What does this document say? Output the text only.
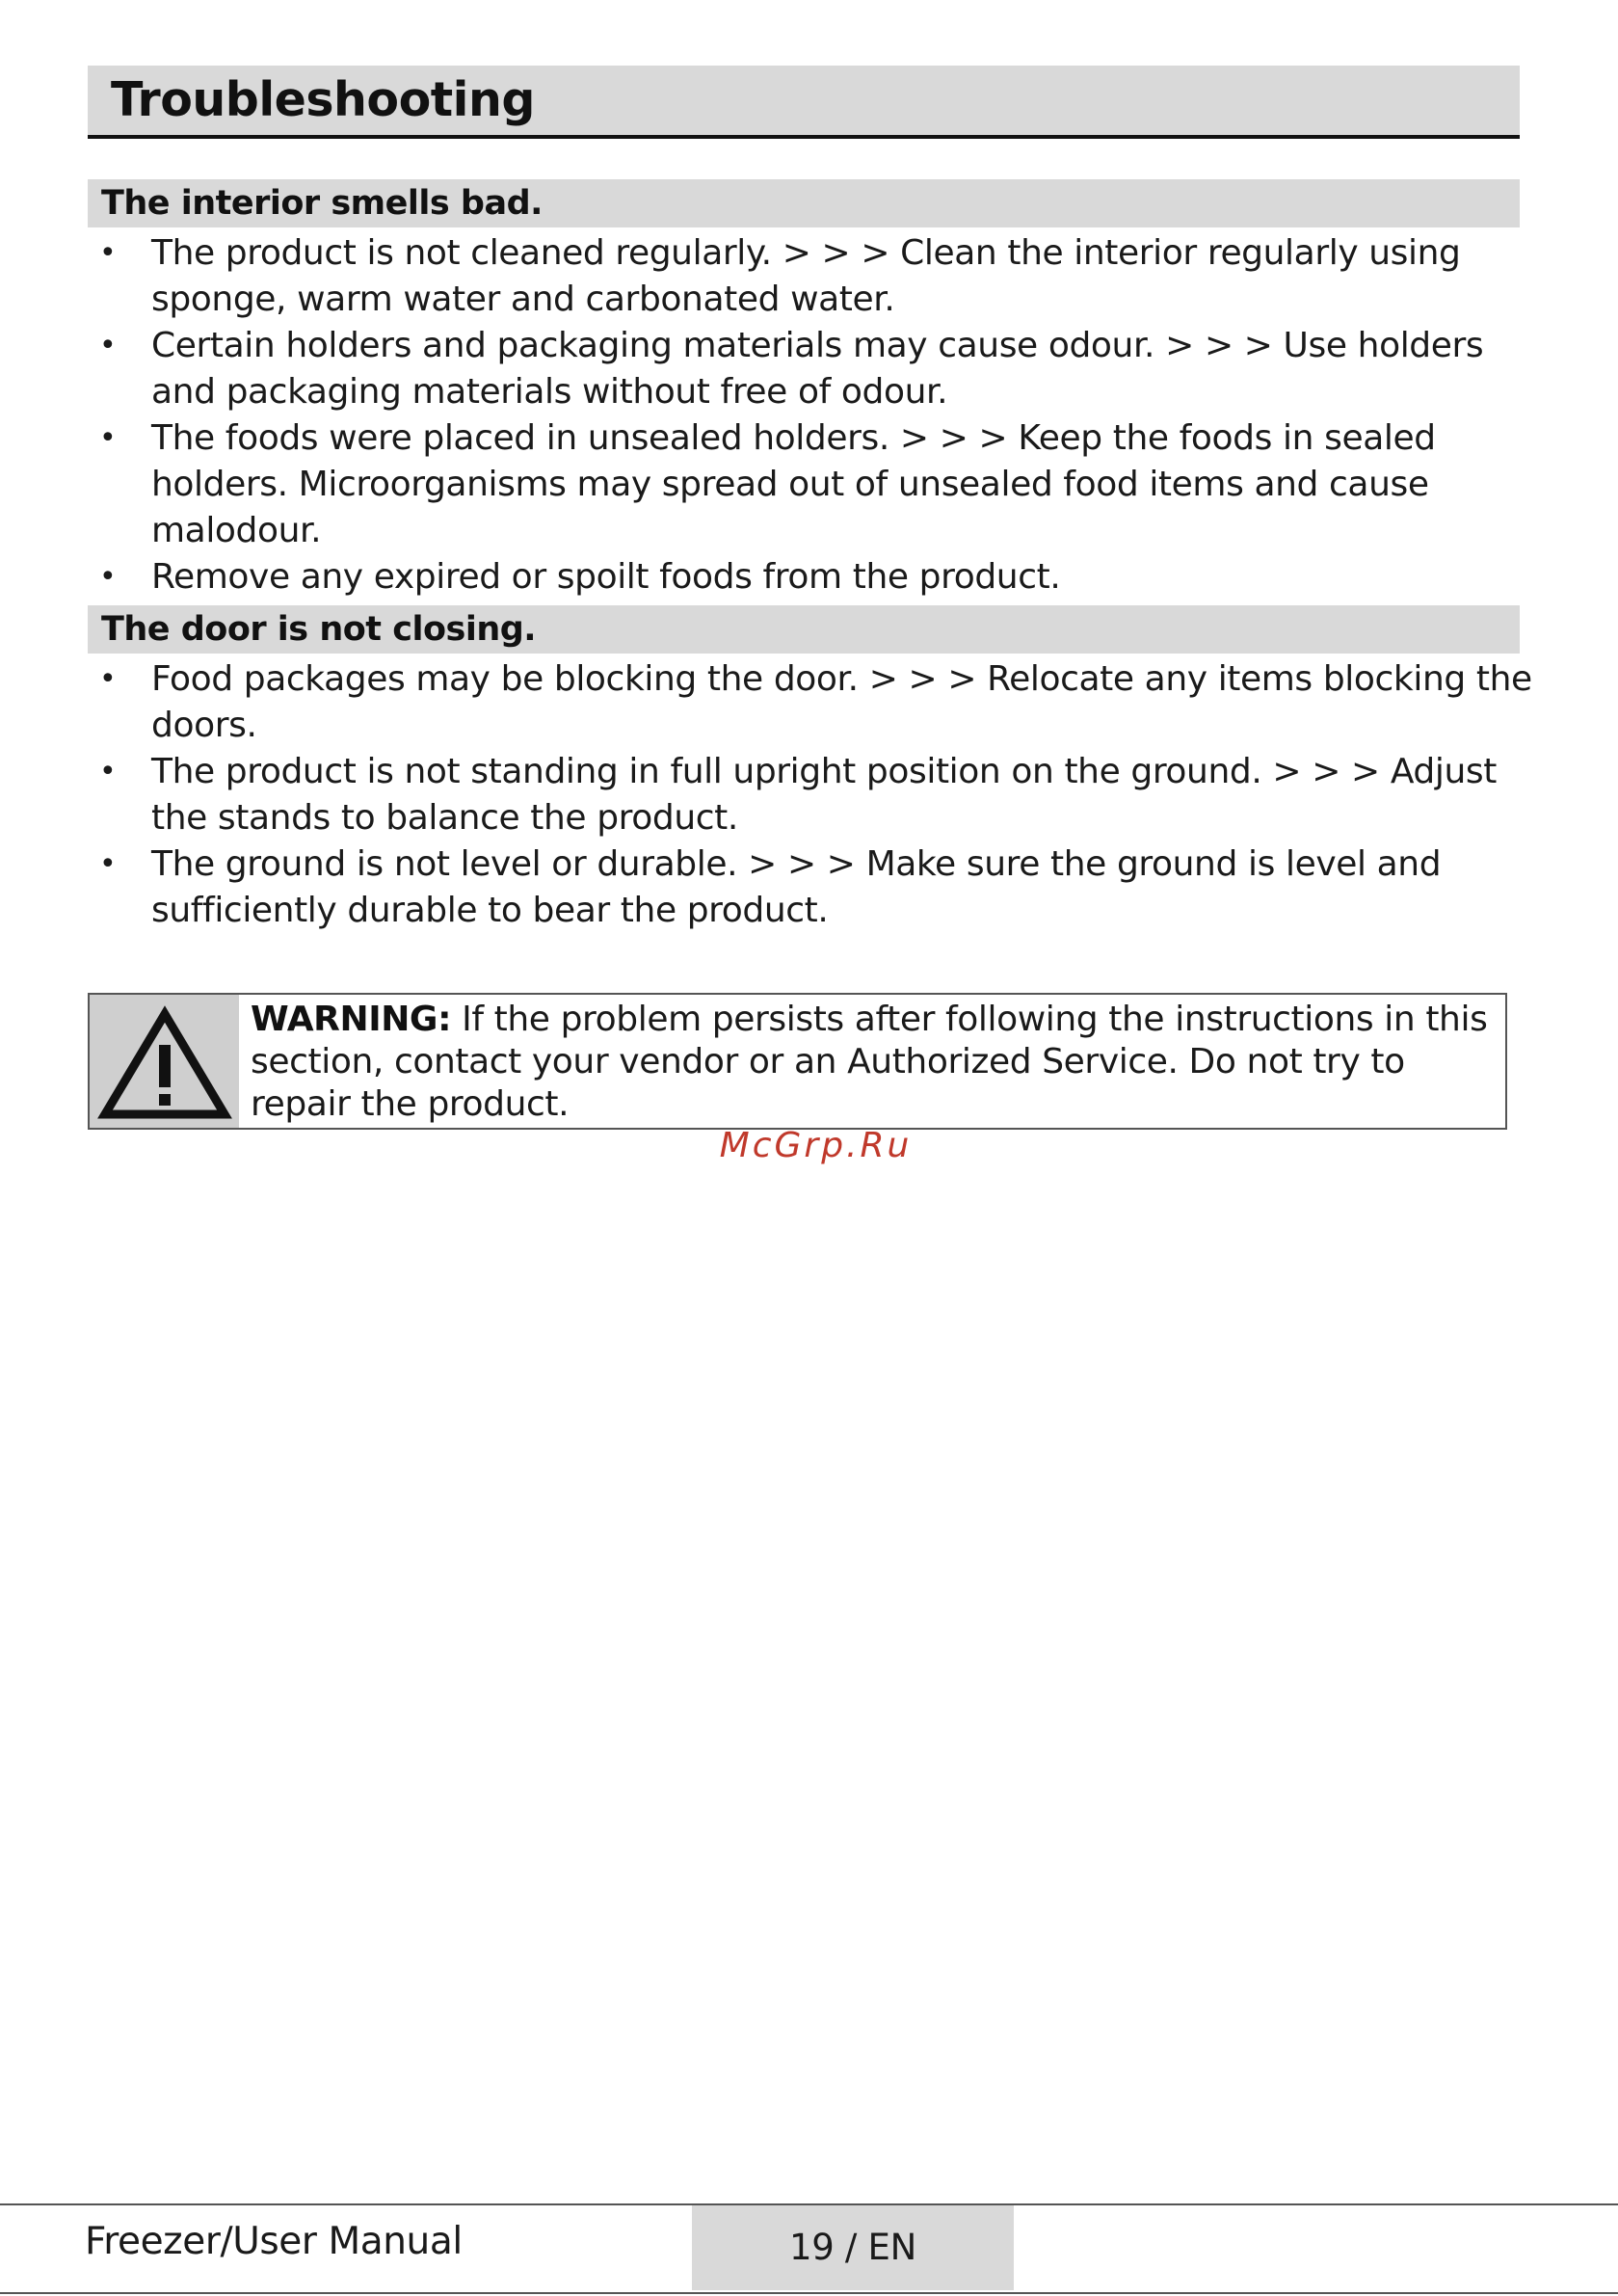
Troubleshooting
The interior smells bad.
• The product is not cleaned regularly. > > > Clean the interior regularly using sponge, warm water and carbonated water.
• Certain holders and packaging materials may cause odour. > > > Use holders and packaging materials without free of odour.
• The foods were placed in unsealed holders. > > > Keep the foods in sealed holders. Microorganisms may spread out of unsealed food items and cause malodour.
• Remove any expired or spoilt foods from the product.
The door is not closing.
• Food packages may be blocking the door. > > > Relocate any items blocking the doors.
• The product is not standing in full upright position on the ground. > > > Adjust the stands to balance the product.
• The ground is not level or durable. > > > Make sure the ground is level and sufficiently durable to bear the product.

WARNING: If the problem persists after following the instructions in this section, contact your vendor or an Authorized Service. Do not try to repair the product.

McGrp.Ru
Freezer/User Manual	19 / EN
